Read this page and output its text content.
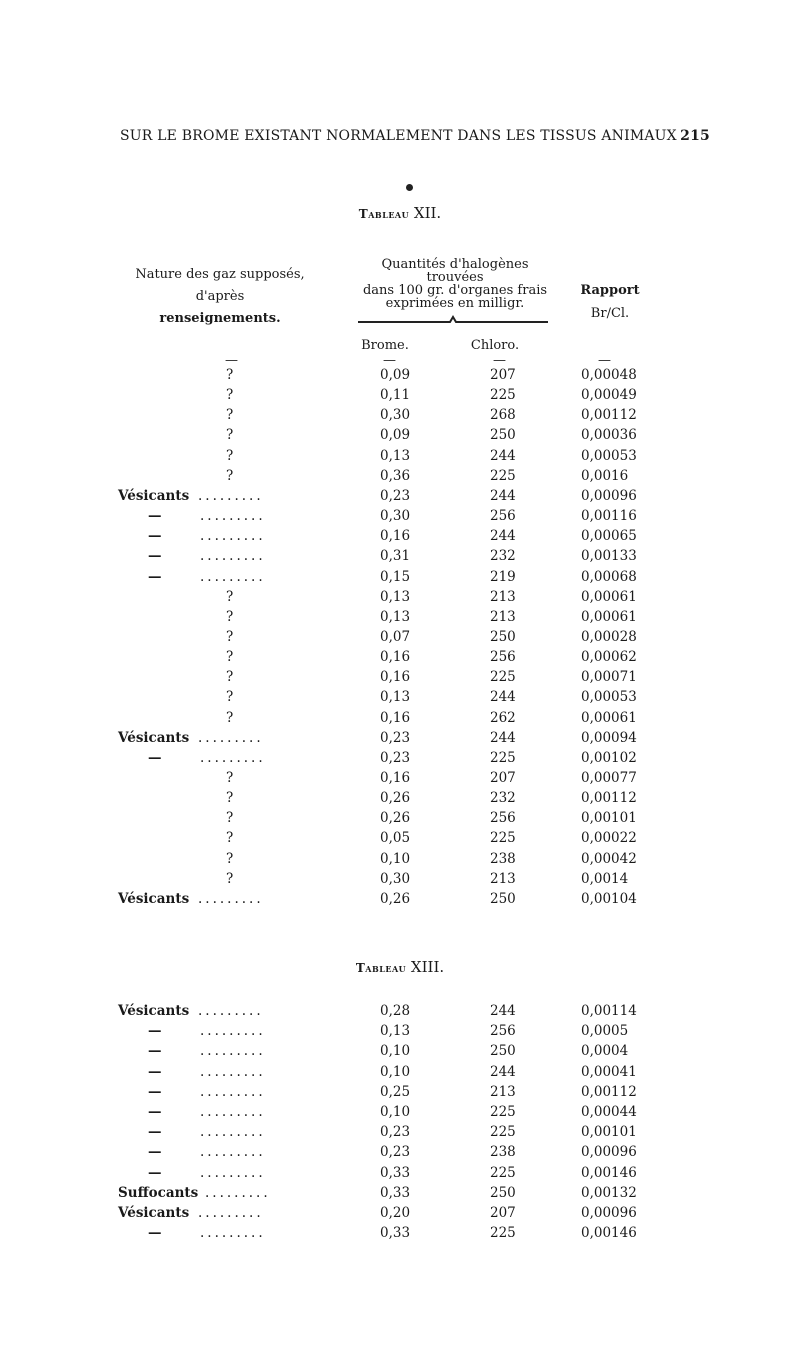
SUR LE BROME EXISTANT NORMALEMENT DANS LES TISSUS ANIMAUX 215
Tableau XII.
Nature des gaz supposés,
d'après
renseignements.
Quantités d'halogènes
trouvées
dans 100 gr. d'organes frais
exprimées en milligr.
Rapport
Br/Cl.
Brome.	Chloro.
—	—	—	—
?	0,09	207	0,00048
?	0,11	225	0,00049
?	0,30	268	0,00112
?	0,09	250	0,00036
?	0,13	244	0,00053
?	0,36	225	0,0016
Vésicants .........	0,23	244	0,00096
—	.........	0,30	256	0,00116
—	.........	0,16	244	0,00065
—	.........	0,31	232	0,00133
—	.........	0,15	219	0,00068
?	0,13	213	0,00061
?	0,13	213	0,00061
?	0,07	250	0,00028
?	0,16	256	0,00062
?	0,16	225	0,00071
?	0,13	244	0,00053
?	0,16	262	0,00061
Vésicants .........	0,23	244	0,00094
—	.........	0,23	225	0,00102
?	0,16	207	0,00077
?	0,26	232	0,00112
?	0,26	256	0,00101
?	0,05	225	0,00022
?	0,10	238	0,00042
?	0,30	213	0,0014
Vésicants .........	0,26	250	0,00104
Tableau XIII.
Vésicants .........	0,28	244	0,00114
—	.........	0,13	256	0,0005
—	.........	0,10	250	0,0004
—	.........	0,10	244	0,00041
—	.........	0,25	213	0,00112
—	.........	0,10	225	0,00044
—	.........	0,23	225	0,00101
—	.........	0,23	238	0,00096
—	.........	0,33	225	0,00146
Suffocants .........	0,33	250	0,00132
Vésicants .........	0,20	207	0,00096
—	.........	0,33	225	0,00146
